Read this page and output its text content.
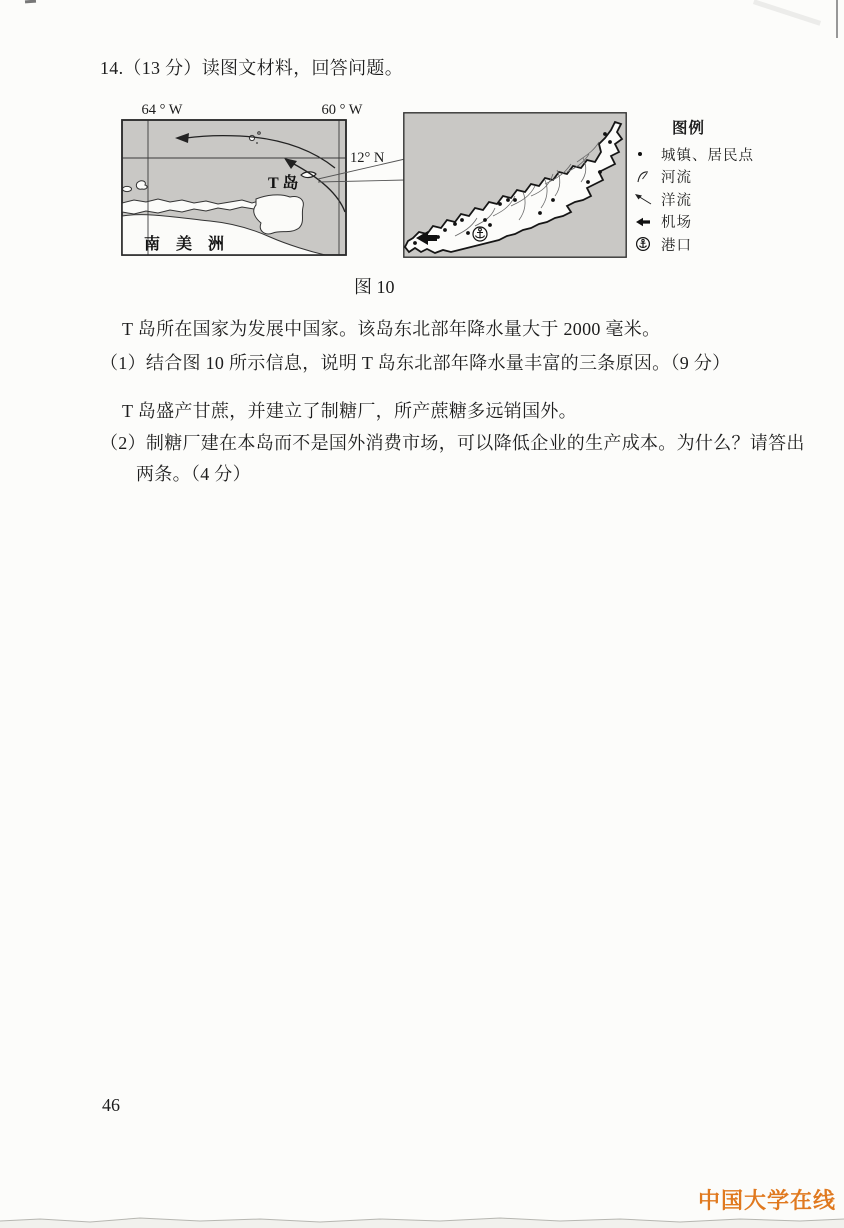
14.（13 分）读图文材料，回答问题。
64 ° W	60 ° W
12° N
T 岛
南 美 洲
图例
城镇、居民点
河流
洋流
机场
港口
图 10
T 岛所在国家为发展中国家。该岛东北部年降水量大于 2000 毫米。
（1）结合图 10 所示信息，说明 T 岛东北部年降水量丰富的三条原因。（9 分）
T 岛盛产甘蔗，并建立了制糖厂，所产蔗糖多远销国外。
（2）制糖厂建在本岛而不是国外消费市场，可以降低企业的生产成本。为什么？请答出
两条。（4 分）
46
中国大学在线
